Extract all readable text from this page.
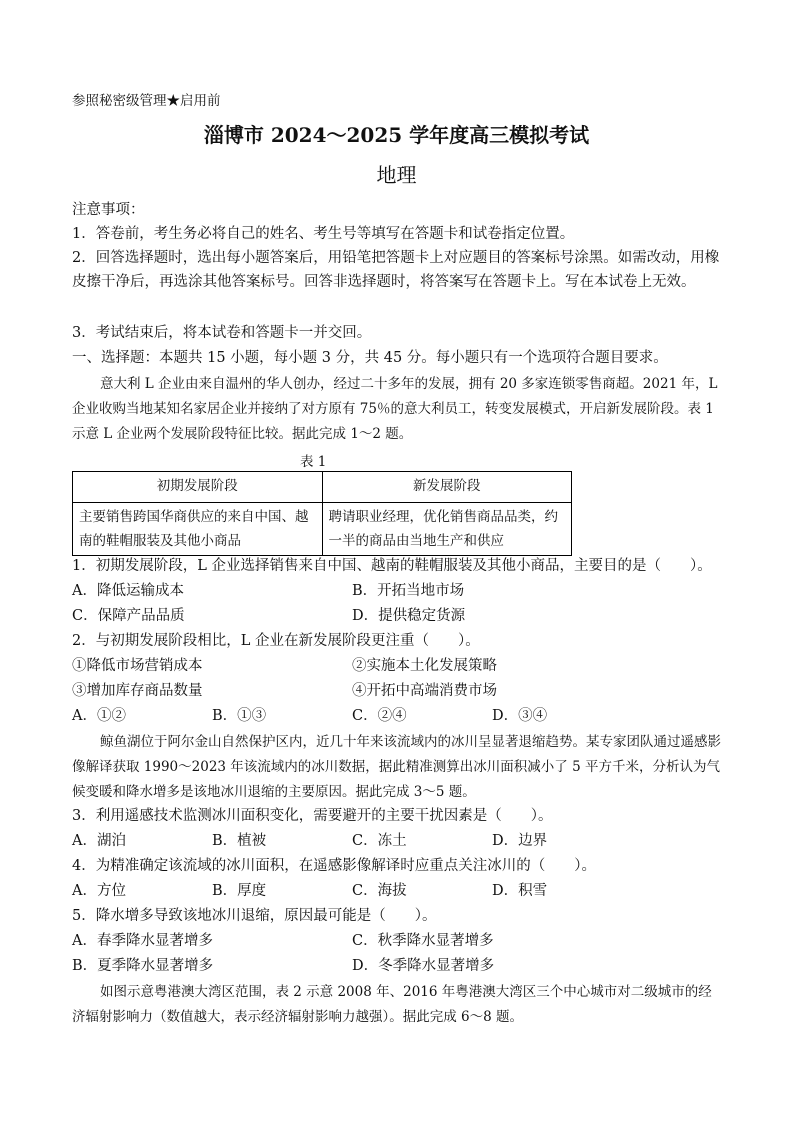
参照秘密级管理★启用前
淄博市 2024～2025 学年度高三模拟考试
地理
注意事项：
1．答卷前，考生务必将自己的姓名、考生号等填写在答题卡和试卷指定位置。
2．回答选择题时，选出每小题答案后，用铅笔把答题卡上对应题目的答案标号涂黑。如需改动，用橡皮擦干净后，再选涂其他答案标号。回答非选择题时，将答案写在答题卡上。写在本试卷上无效。
3．考试结束后，将本试卷和答题卡一并交回。
一、选择题：本题共 15 小题，每小题 3 分，共 45 分。每小题只有一个选项符合题目要求。
意大利 L 企业由来自温州的华人创办，经过二十多年的发展，拥有 20 多家连锁零售商超。2021 年，L 企业收购当地某知名家居企业并接纳了对方原有 75％的意大利员工，转变发展模式，开启新发展阶段。表 1 示意 L 企业两个发展阶段特征比较。据此完成 1～2 题。
表 1
初期发展阶段	新发展阶段
主要销售跨国华商供应的来自中国、越南的鞋帽服装及其他小商品	聘请职业经理，优化销售商品品类，约一半的商品由当地生产和供应
1．初期发展阶段，L 企业选择销售来自中国、越南的鞋帽服装及其他小商品，主要目的是（　　）。
A．降低运输成本	B．开拓当地市场
C．保障产品品质	D．提供稳定货源
2．与初期发展阶段相比，L 企业在新发展阶段更注重（　　）。
①降低市场营销成本	②实施本土化发展策略
③增加库存商品数量	④开拓中高端消费市场
A．①②	B．①③	C．②④	D．③④
鲸鱼湖位于阿尔金山自然保护区内，近几十年来该流域内的冰川呈显著退缩趋势。某专家团队通过遥感影像解译获取 1990～2023 年该流域内的冰川数据，据此精准测算出冰川面积减小了 5 平方千米，分析认为气候变暖和降水增多是该地冰川退缩的主要原因。据此完成 3～5 题。
3．利用遥感技术监测冰川面积变化，需要避开的主要干扰因素是（　　）。
A．湖泊	B．植被	C．冻土	D．边界
4．为精准确定该流域的冰川面积，在遥感影像解译时应重点关注冰川的（　　）。
A．方位	B．厚度	C．海拔	D．积雪
5．降水增多导致该地冰川退缩，原因最可能是（　　）。
A．春季降水显著增多	C．秋季降水显著增多
B．夏季降水显著增多	D．冬季降水显著增多
如图示意粤港澳大湾区范围，表 2 示意 2008 年、2016 年粤港澳大湾区三个中心城市对二级城市的经济辐射影响力（数值越大，表示经济辐射影响力越强）。据此完成 6～8 题。
